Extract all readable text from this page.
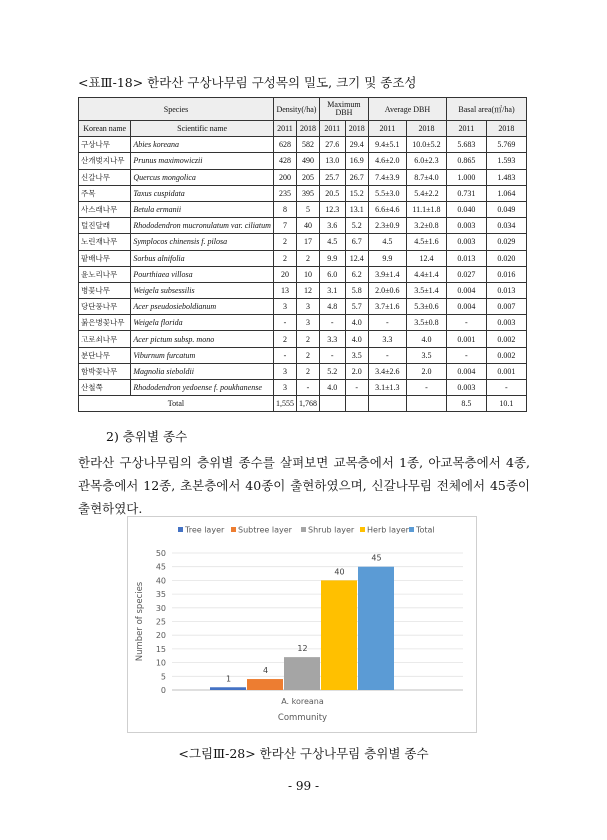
<표Ⅲ-18> 한라산 구상나무림 구성목의 밀도, 크기 및 종조성
Species		Density(/ha)		Maximum DBH		Average DBH		Basal area(㎡/ha)	
Korean name	Scientific name	2011	2018	2011	2018	2011	2018	2011	2018
구상나무	Abies koreana	628	582	27.6	29.4	9.4±5.1	10.0±5.2	5.683	5.769
산개벚지나무	Prunus maximowiczii	428	490	13.0	16.9	4.6±2.0	6.0±2.3	0.865	1.593
신갈나무	Quercus mongolica	200	205	25.7	26.7	7.4±3.9	8.7±4.0	1.000	1.483
주목	Taxus cuspidata	235	395	20.5	15.2	5.5±3.0	5.4±2.2	0.731	1.064
사스래나무	Betula ermanii	8	5	12.3	13.1	6.6±4.6	11.1±1.8	0.040	0.049
털진달래	Rhododendron mucronulatum var. ciliatum	7	40	3.6	5.2	2.3±0.9	3.2±0.8	0.003	0.034
노린재나무	Symplocos chinensis f. pilosa	2	17	4.5	6.7	4.5	4.5±1.6	0.003	0.029
팥배나무	Sorbus alnifolia	2	2	9.9	12.4	9.9	12.4	0.013	0.020
윤노리나무	Pourthiaea villosa	20	10	6.0	6.2	3.9±1.4	4.4±1.4	0.027	0.016
병꽃나무	Weigela subsessilis	13	12	3.1	5.8	2.0±0.6	3.5±1.4	0.004	0.013
당단풍나무	Acer pseudosieboldianum	3	3	4.8	5.7	3.7±1.6	5.3±0.6	0.004	0.007
붉은병꽃나무	Weigela florida	-	3	-	4.0	-	3.5±0.8	-	0.003
고로쇠나무	Acer pictum subsp. mono	2	2	3.3	4.0	3.3	4.0	0.001	0.002
분단나무	Viburnum furcatum	-	2	-	3.5	-	3.5	-	0.002
함박꽃나무	Magnolia sieboldii	3	2	5.2	2.0	3.4±2.6	2.0	0.004	0.001
산철쭉	Rhododendron yedoense f. poukhanense	3	-	4.0	-	3.1±1.3	-	0.003	-
Total		1,555	1,768					8.5	10.1
2) 층위별 종수

한라산 구상나무림의 층위별 종수를 살펴보면 교목층에서 1종, 아교목층에서 4종, 관목층에서 12종, 초본층에서 40종이 출현하였으며, 신갈나무림 전체에서 45종이 출현하였다.

0
5
10
15
20
25
30
35
40
45
50
1
4
12
40
45
A. koreana
Community
Number of species
Tree layer Subtree layer Shrub layer Herb layer Total
<그림Ⅲ-28> 한라산 구상나무림 층위별 종수
- 99 -
